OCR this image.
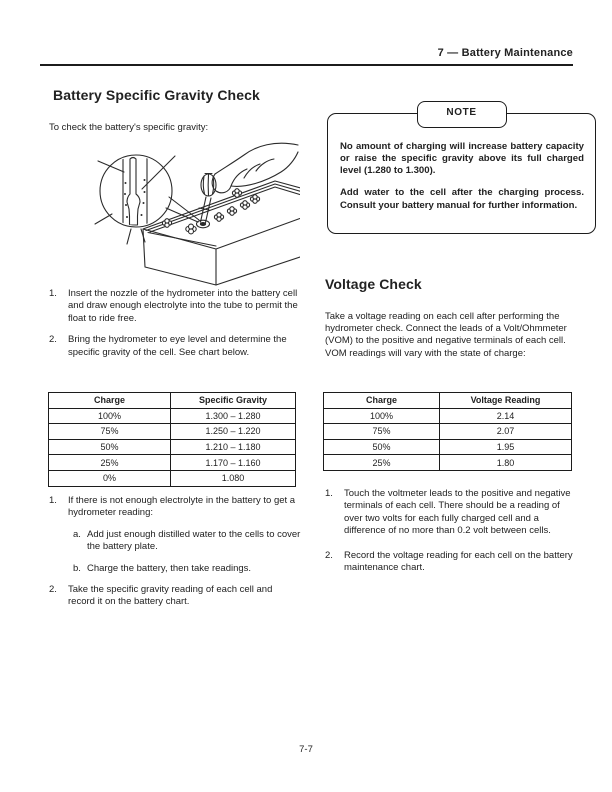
7 — Battery Maintenance
Battery Specific Gravity Check

To check the battery's specific gravity:

1.	Insert the nozzle of the hydrometer into the battery cell and draw enough electrolyte into the tube to permit the float to ride free.
2.	Bring the hydrometer to eye level and determine the specific gravity of the cell. See chart below.
Charge	Specific Gravity
100%	1.300 – 1.280
75%	1.250 – 1.220
50%	1.210 – 1.180
25%	1.170 – 1.160
0%	1.080
1.	If there is not enough electrolyte in the battery to get a hydrometer reading:
a. Add just enough distilled water to the cells to cover the battery plate.
b. Charge the battery, then take readings.
2.	Take the specific gravity reading of each cell and record it on the battery chart.
NOTE

No amount of charging will increase battery capacity or raise the specific gravity above its full charged level (1.280 to 1.300).

Add water to the cell after the charging process. Consult your battery manual for further information.

Voltage Check

Take a voltage reading on each cell after performing the hydrometer check. Connect the leads of a Volt/Ohmmeter (VOM) to the positive and negative terminals of each cell. VOM readings will vary with the state of charge:

Charge	Voltage Reading
100%	2.14
75%	2.07
50%	1.95
25%	1.80
1.	Touch the voltmeter leads to the positive and negative terminals of each cell. There should be a reading of over two volts for each fully charged cell and a difference of no more than 0.2 volt between cells.
2.	Record the voltage reading for each cell on the battery maintenance chart.
7-7
